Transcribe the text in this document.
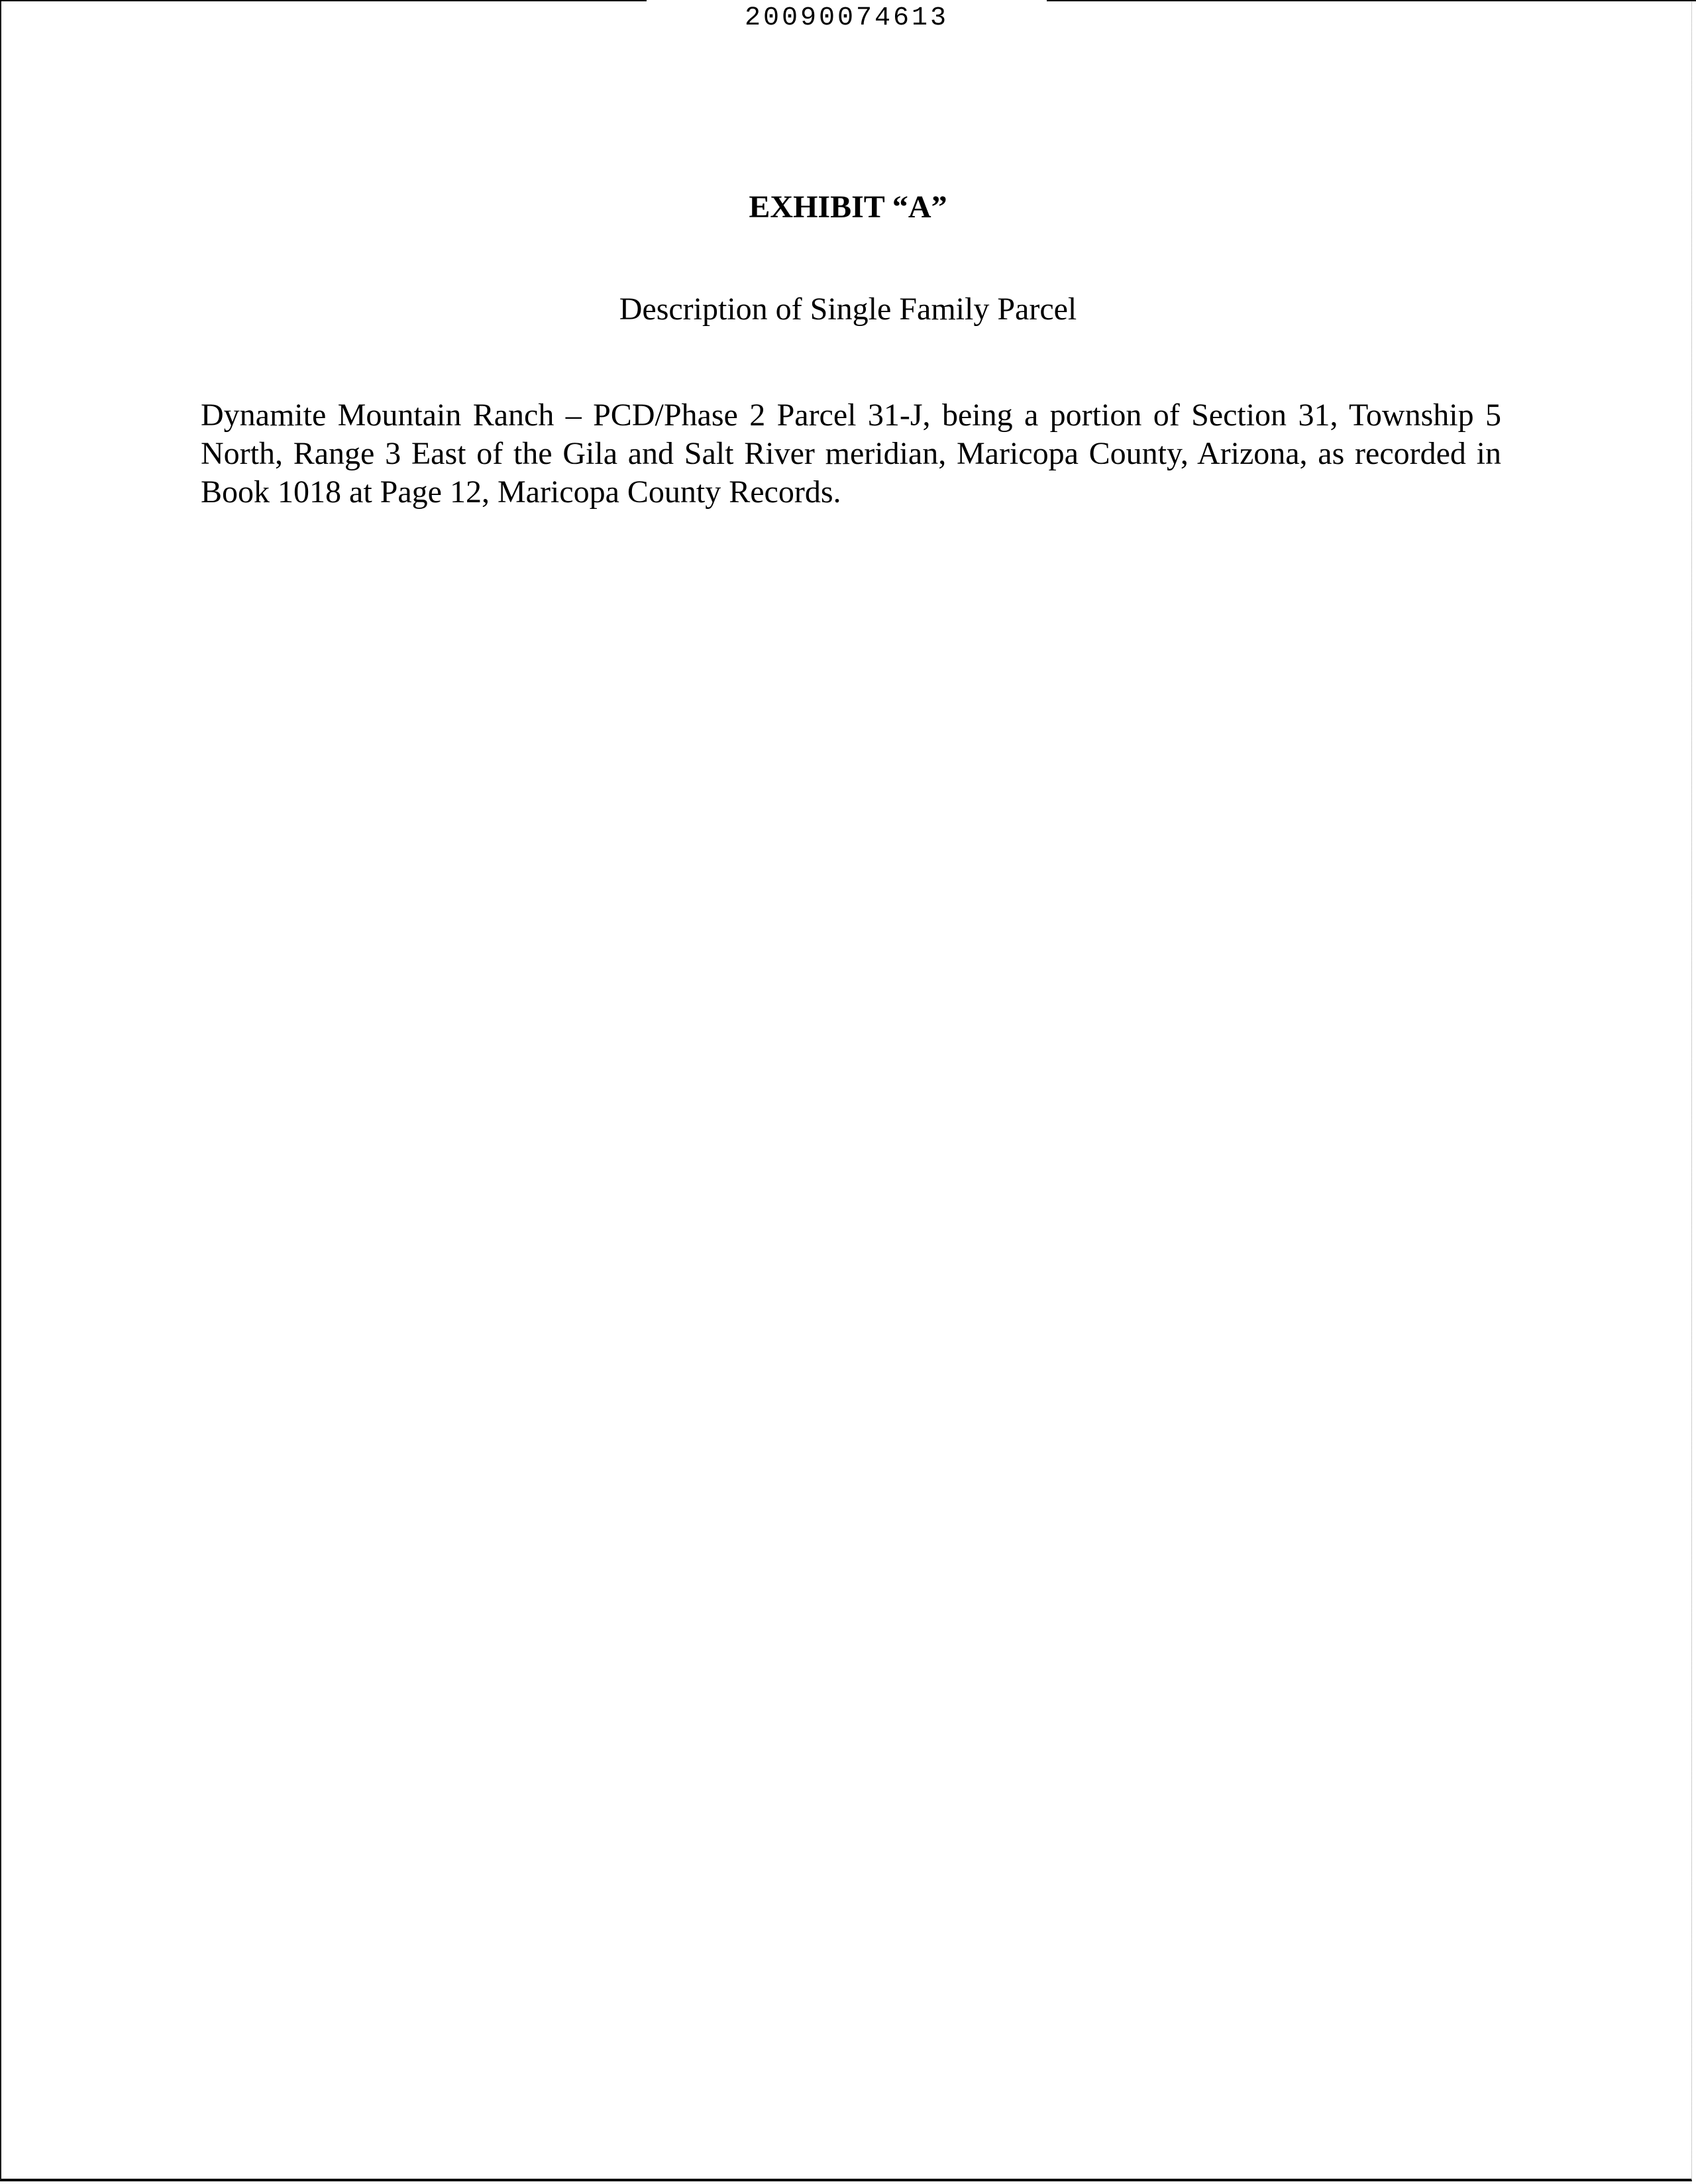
20090074613
EXHIBIT “A”
Description of Single Family Parcel

Dynamite Mountain Ranch – PCD/Phase 2 Parcel 31-J, being a portion of Section 31, Township 5 North, Range 3 East of the Gila and Salt River meridian, Maricopa County, Arizona, as recorded in Book 1018 at Page 12, Maricopa County Records.
